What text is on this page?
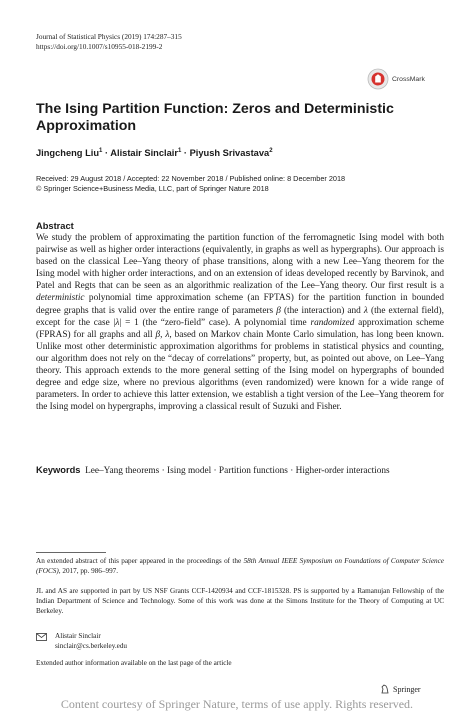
Journal of Statistical Physics (2019) 174:287–315
https://doi.org/10.1007/s10955-018-2199-2
CrossMark
The Ising Partition Function: Zeros and Deterministic
Approximation
Jingcheng Liu$^1$ · Alistair Sinclair$^1$ · Piyush Srivastava$^2$
Received: 29 August 2018 / Accepted: 22 November 2018 / Published online: 8 December 2018
© Springer Science+Business Media, LLC, part of Springer Nature 2018
Abstract

We study the problem of approximating the partition function of the ferromagnetic Ising model with both pairwise as well as higher order interactions (equivalently, in graphs as well as hypergraphs). Our approach is based on the classical Lee–Yang theory of phase transitions, along with a new Lee–Yang theorem for the Ising model with higher order interactions, and on an extension of ideas developed recently by Barvinok, and Patel and Regts that can be seen as an algorithmic realization of the Lee–Yang theory. Our first result is a deterministic polynomial time approximation scheme (an FPTAS) for the partition function in bounded degree graphs that is valid over the entire range of parameters β (the interaction) and λ (the external field), except for the case |λ| = 1 (the “zero-field” case). A polynomial time randomized approximation scheme (FPRAS) for all graphs and all β, λ, based on Markov chain Monte Carlo simulation, has long been known. Unlike most other deterministic approximation algorithms for problems in statistical physics and counting, our algorithm does not rely on the “decay of correlations” property, but, as pointed out above, on Lee–Yang theory. This approach extends to the more general setting of the Ising model on hypergraphs of bounded degree and edge size, where no previous algorithms (even randomized) were known for a wide range of parameters. In order to achieve this latter extension, we establish a tight version of the Lee–Yang theorem for the Ising model on hypergraphs, improving a classical result of Suzuki and Fisher.

Keywords Lee–Yang theorems · Ising model · Partition functions · Higher-order interactions
An extended abstract of this paper appeared in the proceedings of the 58th Annual IEEE Symposium on Foundations of Computer Science (FOCS), 2017, pp. 986–997.
JL and AS are supported in part by US NSF Grants CCF-1420934 and CCF-1815328. PS is supported by a Ramanujan Fellowship of the Indian Department of Science and Technology. Some of this work was done at the Simons Institute for the Theory of Computing at UC Berkeley.
Alistair Sinclair
sinclair@cs.berkeley.edu
Extended author information available on the last page of the article
Springer
Content courtesy of Springer Nature, terms of use apply. Rights reserved.
